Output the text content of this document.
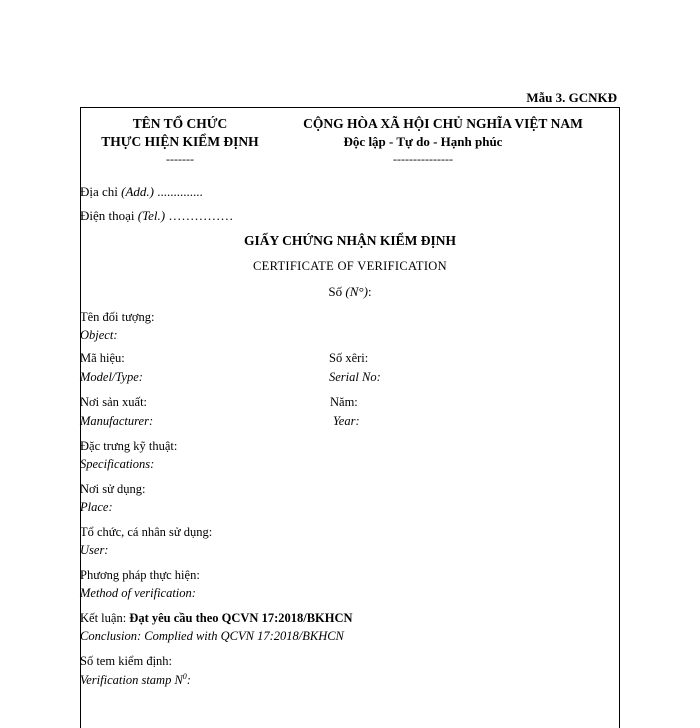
Mẫu 3. GCNKĐ
TÊN TỔ CHỨC
THỰC HIỆN KIỂM ĐỊNH
-------
CỘNG HÒA XÃ HỘI CHỦ NGHĨA VIỆT NAM
Độc lập - Tự do - Hạnh phúc
---------------
Địa chỉ (Add.) ..............
Điện thoại (Tel.) ……………
GIẤY CHỨNG NHẬN KIỂM ĐỊNH
CERTIFICATE OF VERIFICATION
Số (N°):
Tên đối tượng:
Object:
Mã hiệu:
Model/Type:
Số xêri:
Serial No:
Nơi sản xuất:
Manufacturer:
Năm:
Year:
Đặc trưng kỹ thuật:
Specifications:
Nơi sử dụng:
Place:
Tổ chức, cá nhân sử dụng:
User:
Phương pháp thực hiện:
Method of verification:
Kết luận: Đạt yêu cầu theo QCVN 17:2018/BKHCN
Conclusion: Complied with QCVN 17:2018/BKHCN
Số tem kiểm định:
Verification stamp $N^0$:
